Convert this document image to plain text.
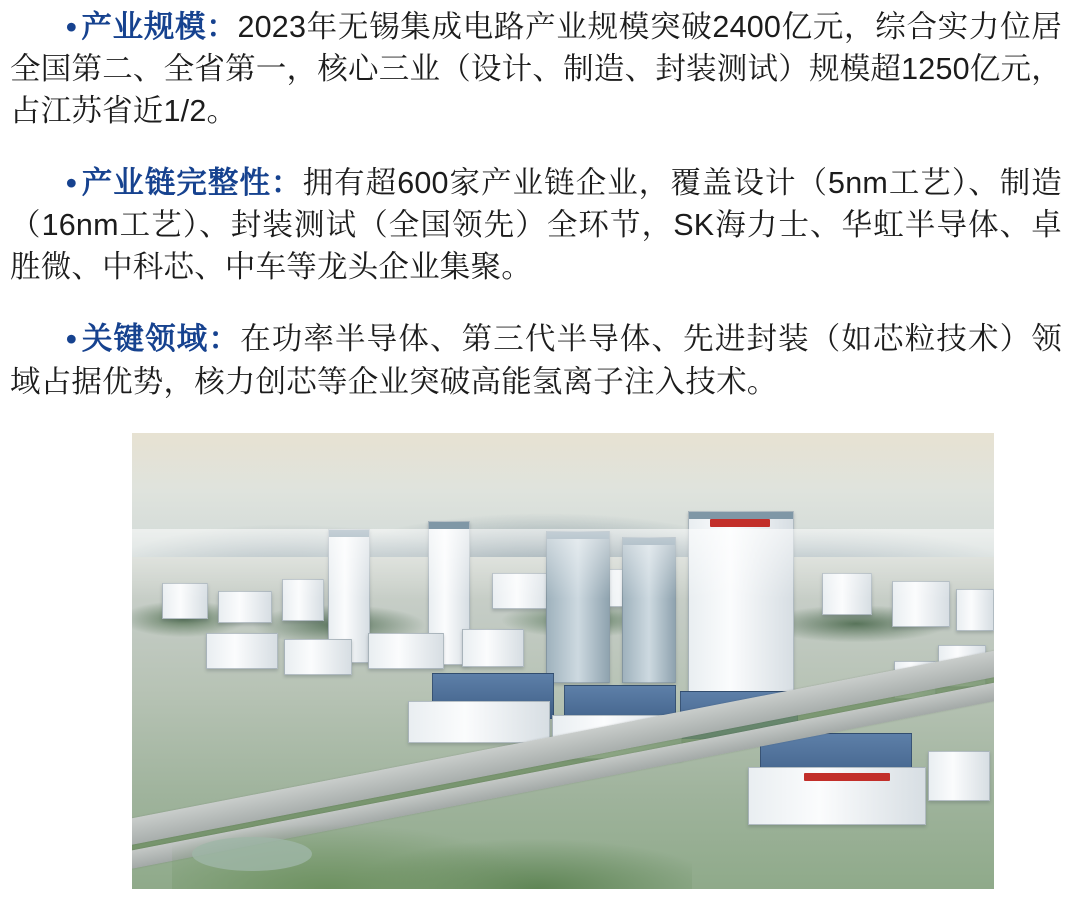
• 产业规模：2023年无锡集成电路产业规模突破2400亿元，综合实力位居全国第二、全省第一，核心三业（设计、制造、封装测试）规模超1250亿元，占江苏省近1/2。

• 产业链完整性：拥有超600家产业链企业，覆盖设计（5nm工艺）、制造（16nm工艺）、封装测试（全国领先）全环节，SK海力士、华虹半导体、卓胜微、中科芯、中车等龙头企业集聚。

• 关键领域：在功率半导体、第三代半导体、先进封装（如芯粒技术）领域占据优势，核力创芯等企业突破高能氢离子注入技术。
